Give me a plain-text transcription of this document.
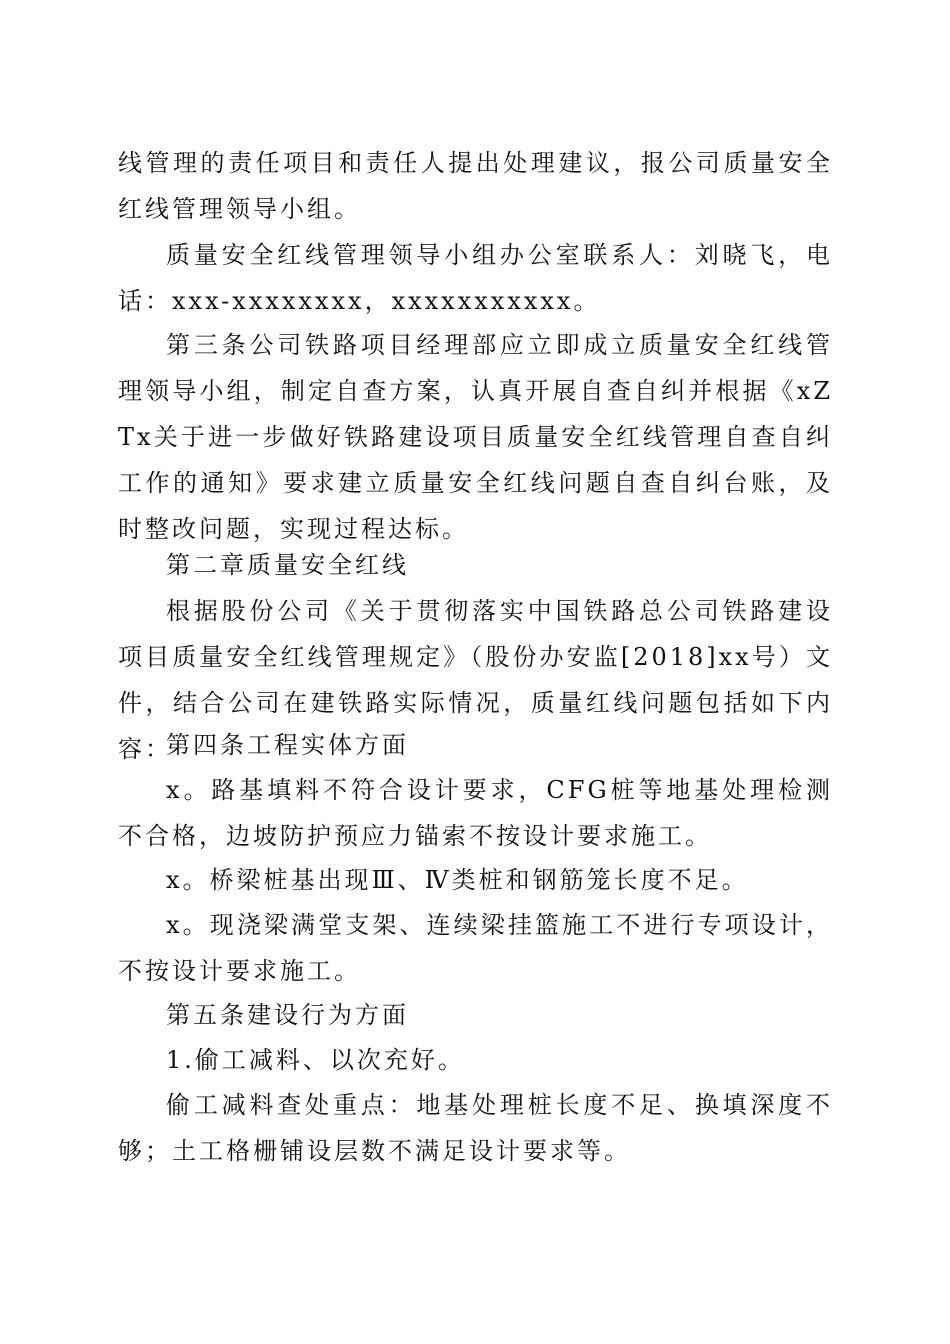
线管理的责任项目和责任人提出处理建议，报公司质量安全红线管理领导小组。

质量安全红线管理领导小组办公室联系人：刘晓飞，电话：xxx-xxxxxxxx，xxxxxxxxxxx。

第三条公司铁路项目经理部应立即成立质量安全红线管理领导小组，制定自查方案，认真开展自查自纠并根据《xZTx关于进一步做好铁路建设项目质量安全红线管理自查自纠工作的通知》要求建立质量安全红线问题自查自纠台账，及时整改问题，实现过程达标。

第二章质量安全红线

根据股份公司《关于贯彻落实中国铁路总公司铁路建设项目质量安全红线管理规定》（股份办安监[2018]xx号）文件，结合公司在建铁路实际情况，质量红线问题包括如下内容：

第四条工程实体方面

x。路基填料不符合设计要求，CFG桩等地基处理检测不合格，边坡防护预应力锚索不按设计要求施工。

x。桥梁桩基出现Ⅲ、Ⅳ类桩和钢筋笼长度不足。

x。现浇梁满堂支架、连续梁挂篮施工不进行专项设计，不按设计要求施工。

第五条建设行为方面

1.偷工减料、以次充好。

偷工减料查处重点：地基处理桩长度不足、换填深度不够；土工格栅铺设层数不满足设计要求等。
